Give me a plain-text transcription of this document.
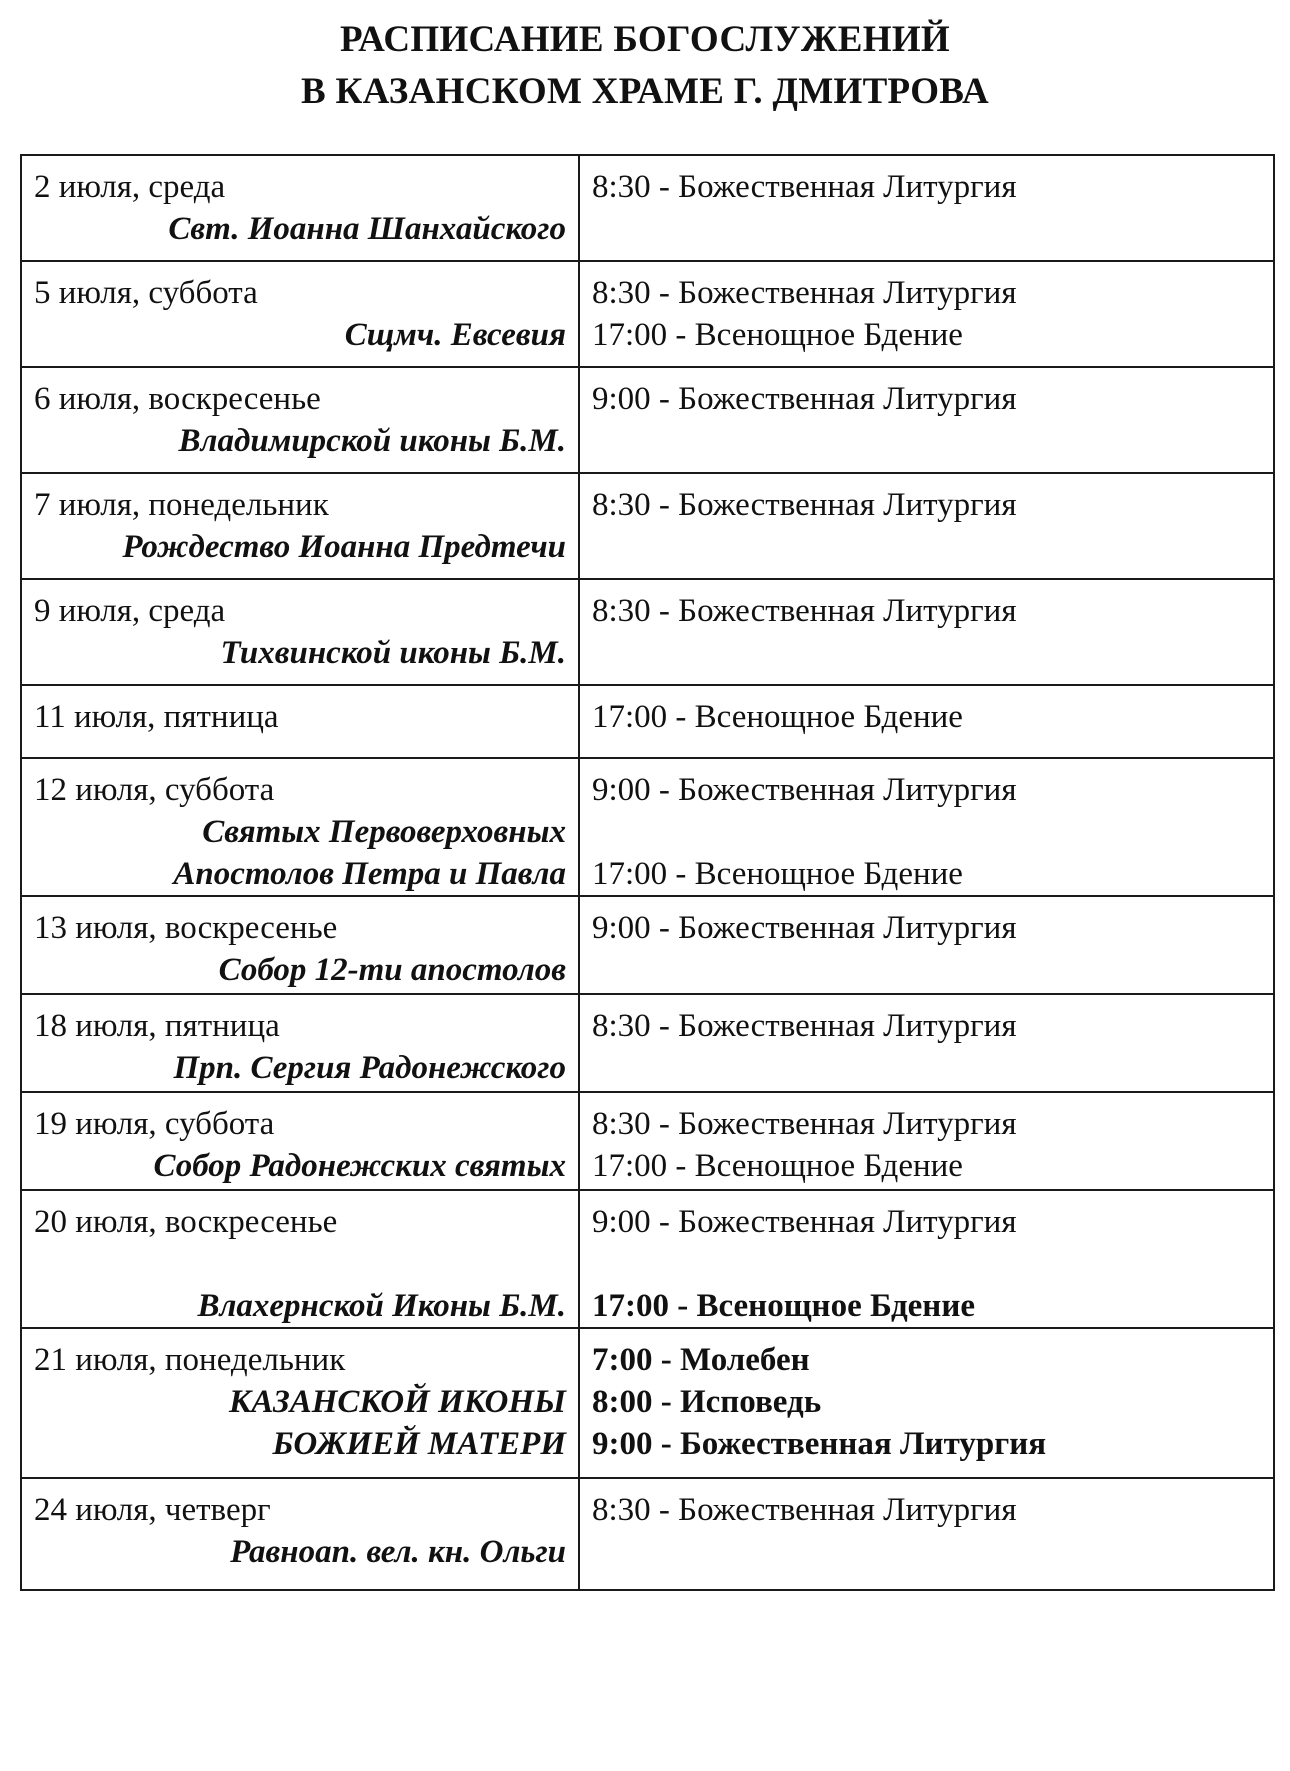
РАСПИСАНИЕ БОГОСЛУЖЕНИЙ
В КАЗАНСКОМ ХРАМЕ Г. ДМИТРОВА
2 июля, среда
Свт. Иоанна Шанхайского	8:30 - Божественная Литургия

5 июля, суббота
Сщмч. Евсевия	8:30 - Божественная Литургия
17:00 - Всенощное Бдение

6 июля, воскресенье
Владимирской иконы Б.М.	9:00 - Божественная Литургия

7 июля, понедельник
Рождество Иоанна Предтечи	8:30 - Божественная Литургия

9 июля, среда
Тихвинской иконы Б.М.	8:30 - Божественная Литургия

11 июля, пятница	17:00 - Всенощное Бдение

12 июля, суббота
Святых Первоверховных
Апостолов Петра и Павла	9:00 - Божественная Литургия
17:00 - Всенощное Бдение

13 июля, воскресенье
Собор 12-ти апостолов	9:00 - Божественная Литургия

18 июля, пятница
Прп. Сергия Радонежского	8:30 - Божественная Литургия

19 июля, суббота
Собор Радонежских святых	8:30 - Божественная Литургия
17:00 - Всенощное Бдение

20 июля, воскресенье
Влахернской Иконы Б.М.	9:00 - Божественная Литургия
17:00 - Всенощное Бдение

21 июля, понедельник
КАЗАНСКОЙ ИКОНЫ
БОЖИЕЙ МАТЕРИ	7:00 - Молебен
8:00 - Исповедь
9:00 - Божественная Литургия

24 июля, четверг
Равноап. вел. кн. Ольги	8:30 - Божественная Литургия
